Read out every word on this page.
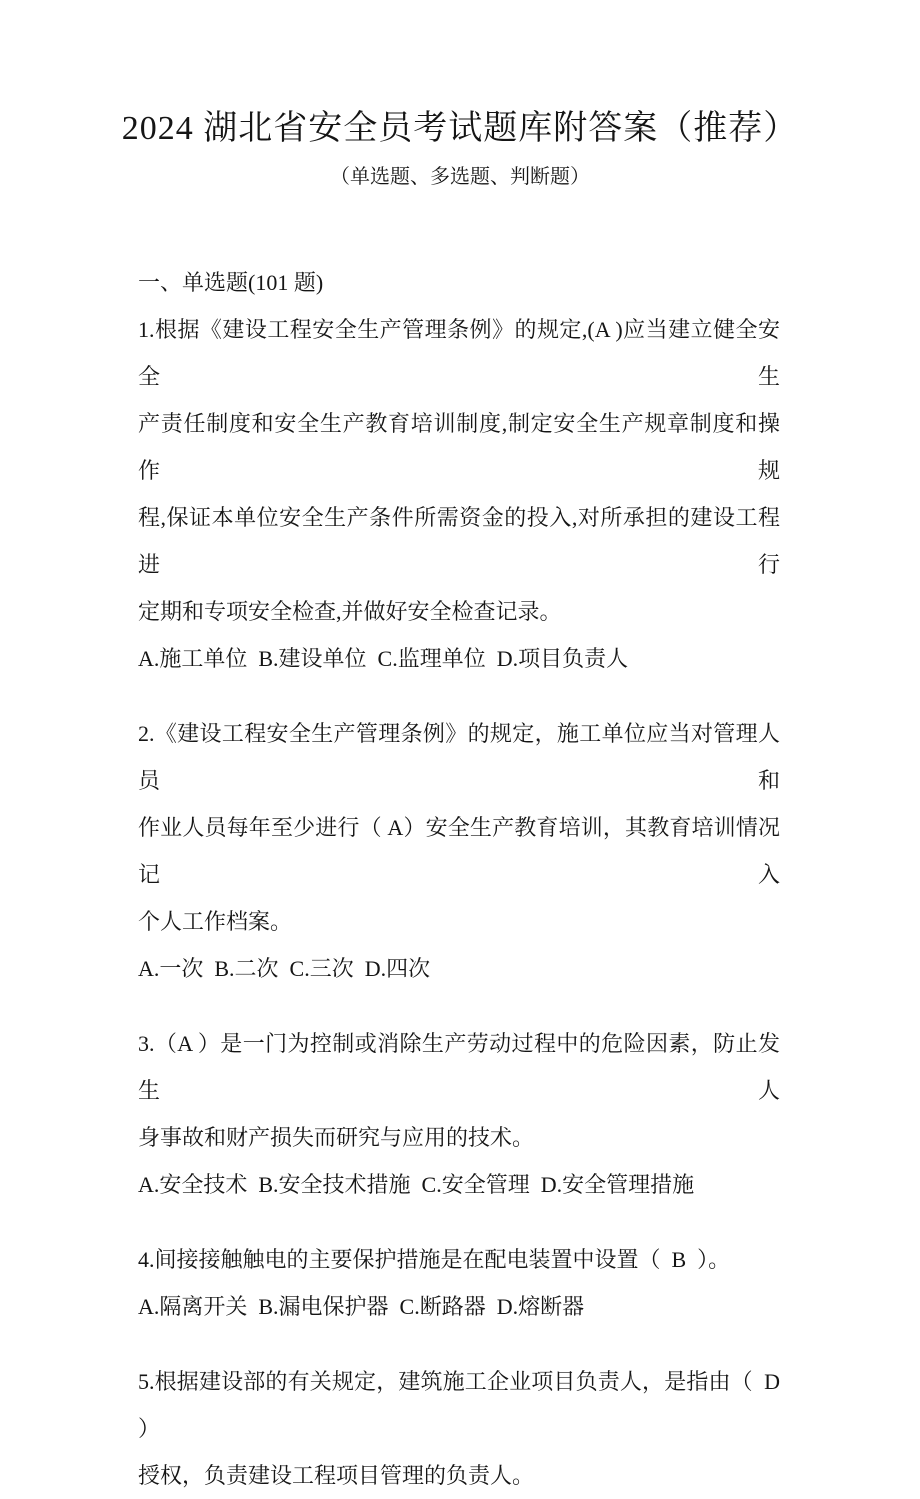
2024 湖北省安全员考试题库附答案（推荐）
（单选题、多选题、判断题）
一、单选题(101 题)
1.根据《建设工程安全生产管理条例》的规定,(A )应当建立健全安全生
产责任制度和安全生产教育培训制度,制定安全生产规章制度和操作规
程,保证本单位安全生产条件所需资金的投入,对所承担的建设工程进行
定期和专项安全检查,并做好安全检查记录。
A.施工单位  B.建设单位  C.监理单位  D.项目负责人
2.《建设工程安全生产管理条例》的规定，施工单位应当对管理人员和
作业人员每年至少进行（ A）安全生产教育培训，其教育培训情况记入
个人工作档案。
A.一次  B.二次  C.三次  D.四次
3.（A ）是一门为控制或消除生产劳动过程中的危险因素，防止发生人
身事故和财产损失而研究与应用的技术。
A.安全技术  B.安全技术措施  C.安全管理  D.安全管理措施
4.间接接触触电的主要保护措施是在配电装置中设置（  B  ）。
A.隔离开关  B.漏电保护器  C.断路器  D.熔断器
5.根据建设部的有关规定，建筑施工企业项目负责人，是指由（  D  ）
授权，负责建设工程项目管理的负责人。
